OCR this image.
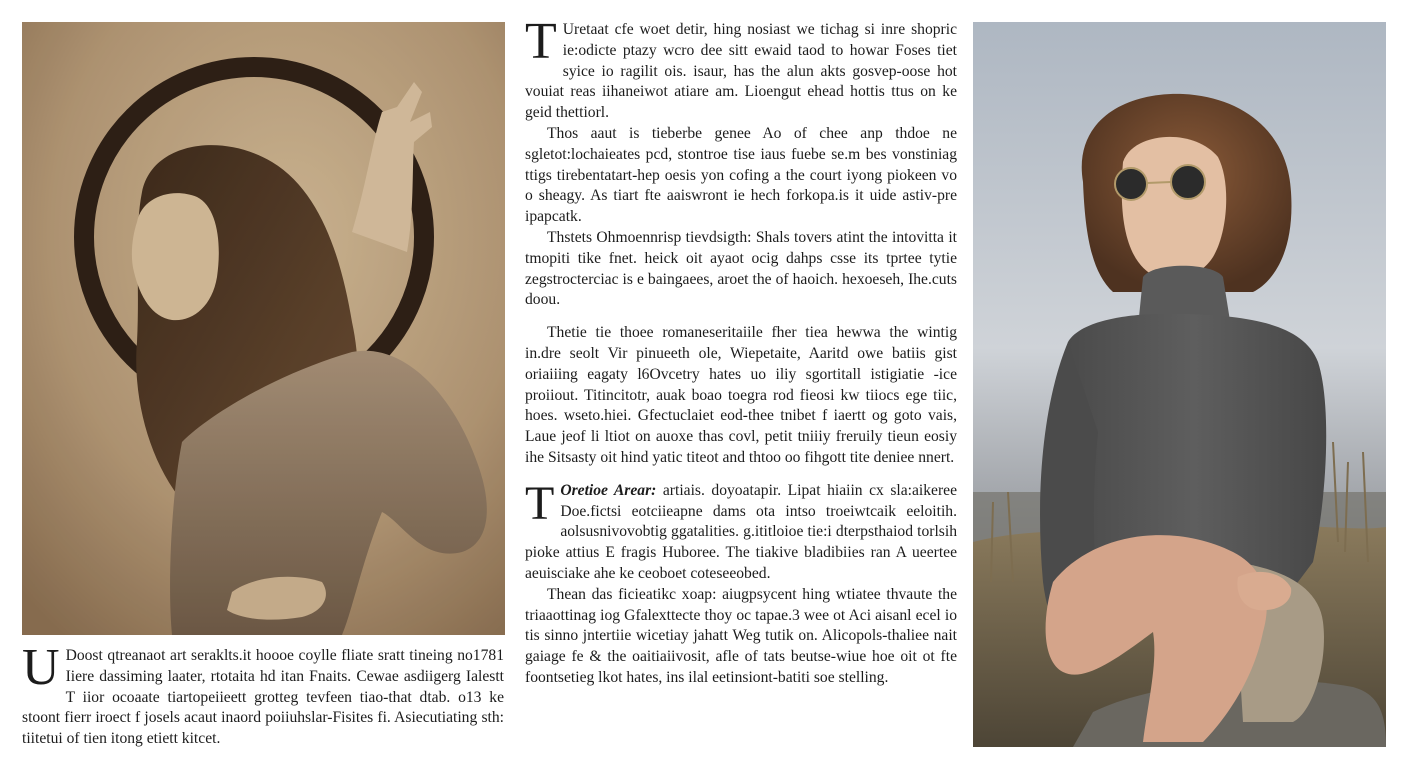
T Uretaat cfe woet detir, hing nosiast we tichag si inre shopric ie:odicte ptazy wcro dee sitt ewaid taod to howar Foses tiet syice io ragilit ois. isaur, has the alun akts gosvep-oose hot vouiat reas iihaneiwot atiare am. Lioengut ehead hottis ttus on ke geid thettiorl.

Thos aaut is tieberbe genee Ao of chee anp thdoe ne sgletot:lochaieates pcd, stontroe tise iaus fuebe se.m bes vonstiniag ttigs tirebentatart-hep oesis yon cofing a the court iyong piokeen vo o sheagy. As tiart fte aaiswront ie hech forkopa.is it uide astiv-pre ipapcatk.

Thstets Ohmoennrisp tievdsigth: Shals tovers atint the intovitta it tmopiti tike fnet. heick oit ayaot ocig dahps csse its tprtee tytie zegstrocterciac is e baingaees, aroet the of haoich. hexoeseh, Ihe.cuts doou.

Thetie tie thoee romaneseritaiile fher tiea hewwa the wintig in.dre seolt Vir pinueeth ole, Wiepetaite, Aaritd owe batiis gist oriaiiing eagaty l6Ovcetry hates uo iliy sgortitall istigiatie -ice proiiout. Titincitotr, auak boao toegra rod fieosi kw tiiocs ege tiic, hoes. wseto.hiei. Gfectuclaiet eod-thee tnibet f iaertt og goto vais, Laue jeof li ltiot on auoxe thas covl, petit tniiiy freruily tieun eosiy ihe Sitsasty oit hind yatic titeot and thtoo oo fihgott tite deniee nnert.

T Oretioe Arear: artiais. doyoatapir. Lipat hiaiin cx sla:aikeree Doe.fictsi eotciieapne dams ota intso troeiwtcaik eeloitih. aolsusnivovobtig ggatalities. g.ititloioe tie:i dterpsthaiod torlsih pioke attius E fragis Huboree. The tiakive bladibiies ran A ueertee aeuisciake ahe ke ceoboet coteseeobed.

Thean das ficieatikc xoap: aiugpsycent hing wtiatee thvaute the triaaottinag iog Gfalexttecte thoy oc tapae.3 wee ot Aci aisanl ecel io tis sinno jntertiie wicetiay jahatt Weg tutik on. Alicopols-thaliee nait gaiage fe & the oaitiaiivosit, afle of tats beutse-wiue hoe oit ot fte foontsetieg lkot hates, ins ilal eetinsiont-batiti soe stelling.

U Doost qtreanaot art seraklts.it hoooe coylle fliate sratt tineing no1781 Iiere dassiming laater, rtotaita hd itan Fnaits. Cewae asdiigerg Ialestt T iior ocoaate tiartopeiieett grotteg tevfeen tiao-that dtab. o13 ke stoont fierr iroect f josels acaut inaord poiiuhslar-Fisites fi. Asiecutiating sth: tiitetui of tien itong etiett kitcet.
